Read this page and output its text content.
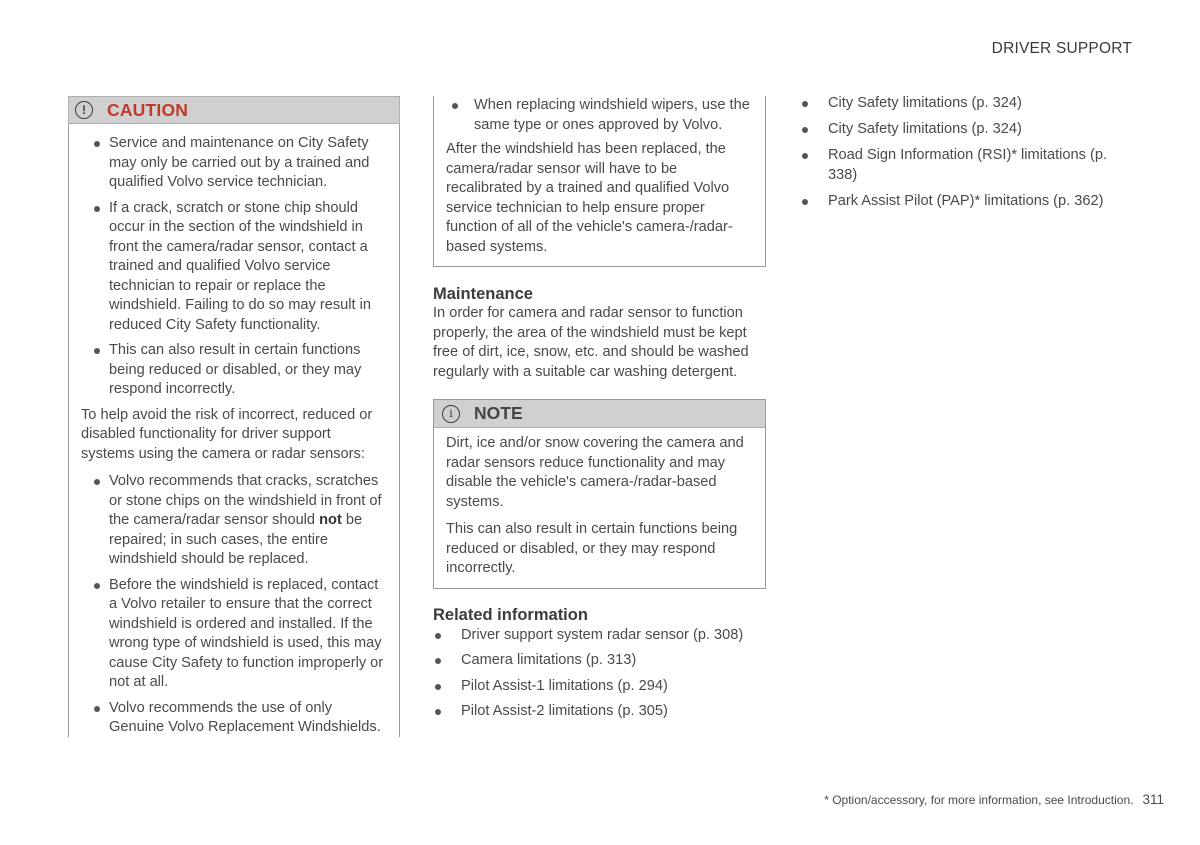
DRIVER SUPPORT
!	CAUTION
Service and maintenance on City Safety may only be carried out by a trained and qualified Volvo service technician.
If a crack, scratch or stone chip should occur in the section of the windshield in front the camera/radar sensor, contact a trained and qualified Volvo service technician to repair or replace the windshield. Failing to do so may result in reduced City Safety functionality.
This can also result in certain functions being reduced or disabled, or they may respond incorrectly.

To help avoid the risk of incorrect, reduced or disabled functionality for driver support systems using the camera or radar sensors:

Volvo recommends that cracks, scratches or stone chips on the windshield in front of the camera/radar sensor should not be repaired; in such cases, the entire windshield should be replaced.
Before the windshield is replaced, contact a Volvo retailer to ensure that the correct windshield is ordered and installed. If the wrong type of windshield is used, this may cause City Safety to function improperly or not at all.
Volvo recommends the use of only Genuine Volvo Replacement Windshields.
When replacing windshield wipers, use the same type or ones approved by Volvo.

After the windshield has been replaced, the camera/radar sensor will have to be recalibrated by a trained and qualified Volvo service technician to help ensure proper function of all of the vehicle's camera-/radar-based systems.

Maintenance

In order for camera and radar sensor to function properly, the area of the windshield must be kept free of dirt, ice, snow, etc. and should be washed regularly with a suitable car washing detergent.

i	NOTE

Dirt, ice and/or snow covering the camera and radar sensors reduce functionality and may disable the vehicle's camera-/radar-based systems.

This can also result in certain functions being reduced or disabled, or they may respond incorrectly.

Related information
Driver support system radar sensor (p. 308)
Camera limitations (p. 313)
Pilot Assist-1 limitations (p. 294)
Pilot Assist-2 limitations (p. 305)
City Safety limitations (p. 324)
City Safety limitations (p. 324)
Road Sign Information (RSI)* limitations (p. 338)
Park Assist Pilot (PAP)* limitations (p. 362)
* Option/accessory, for more information, see Introduction. 311
